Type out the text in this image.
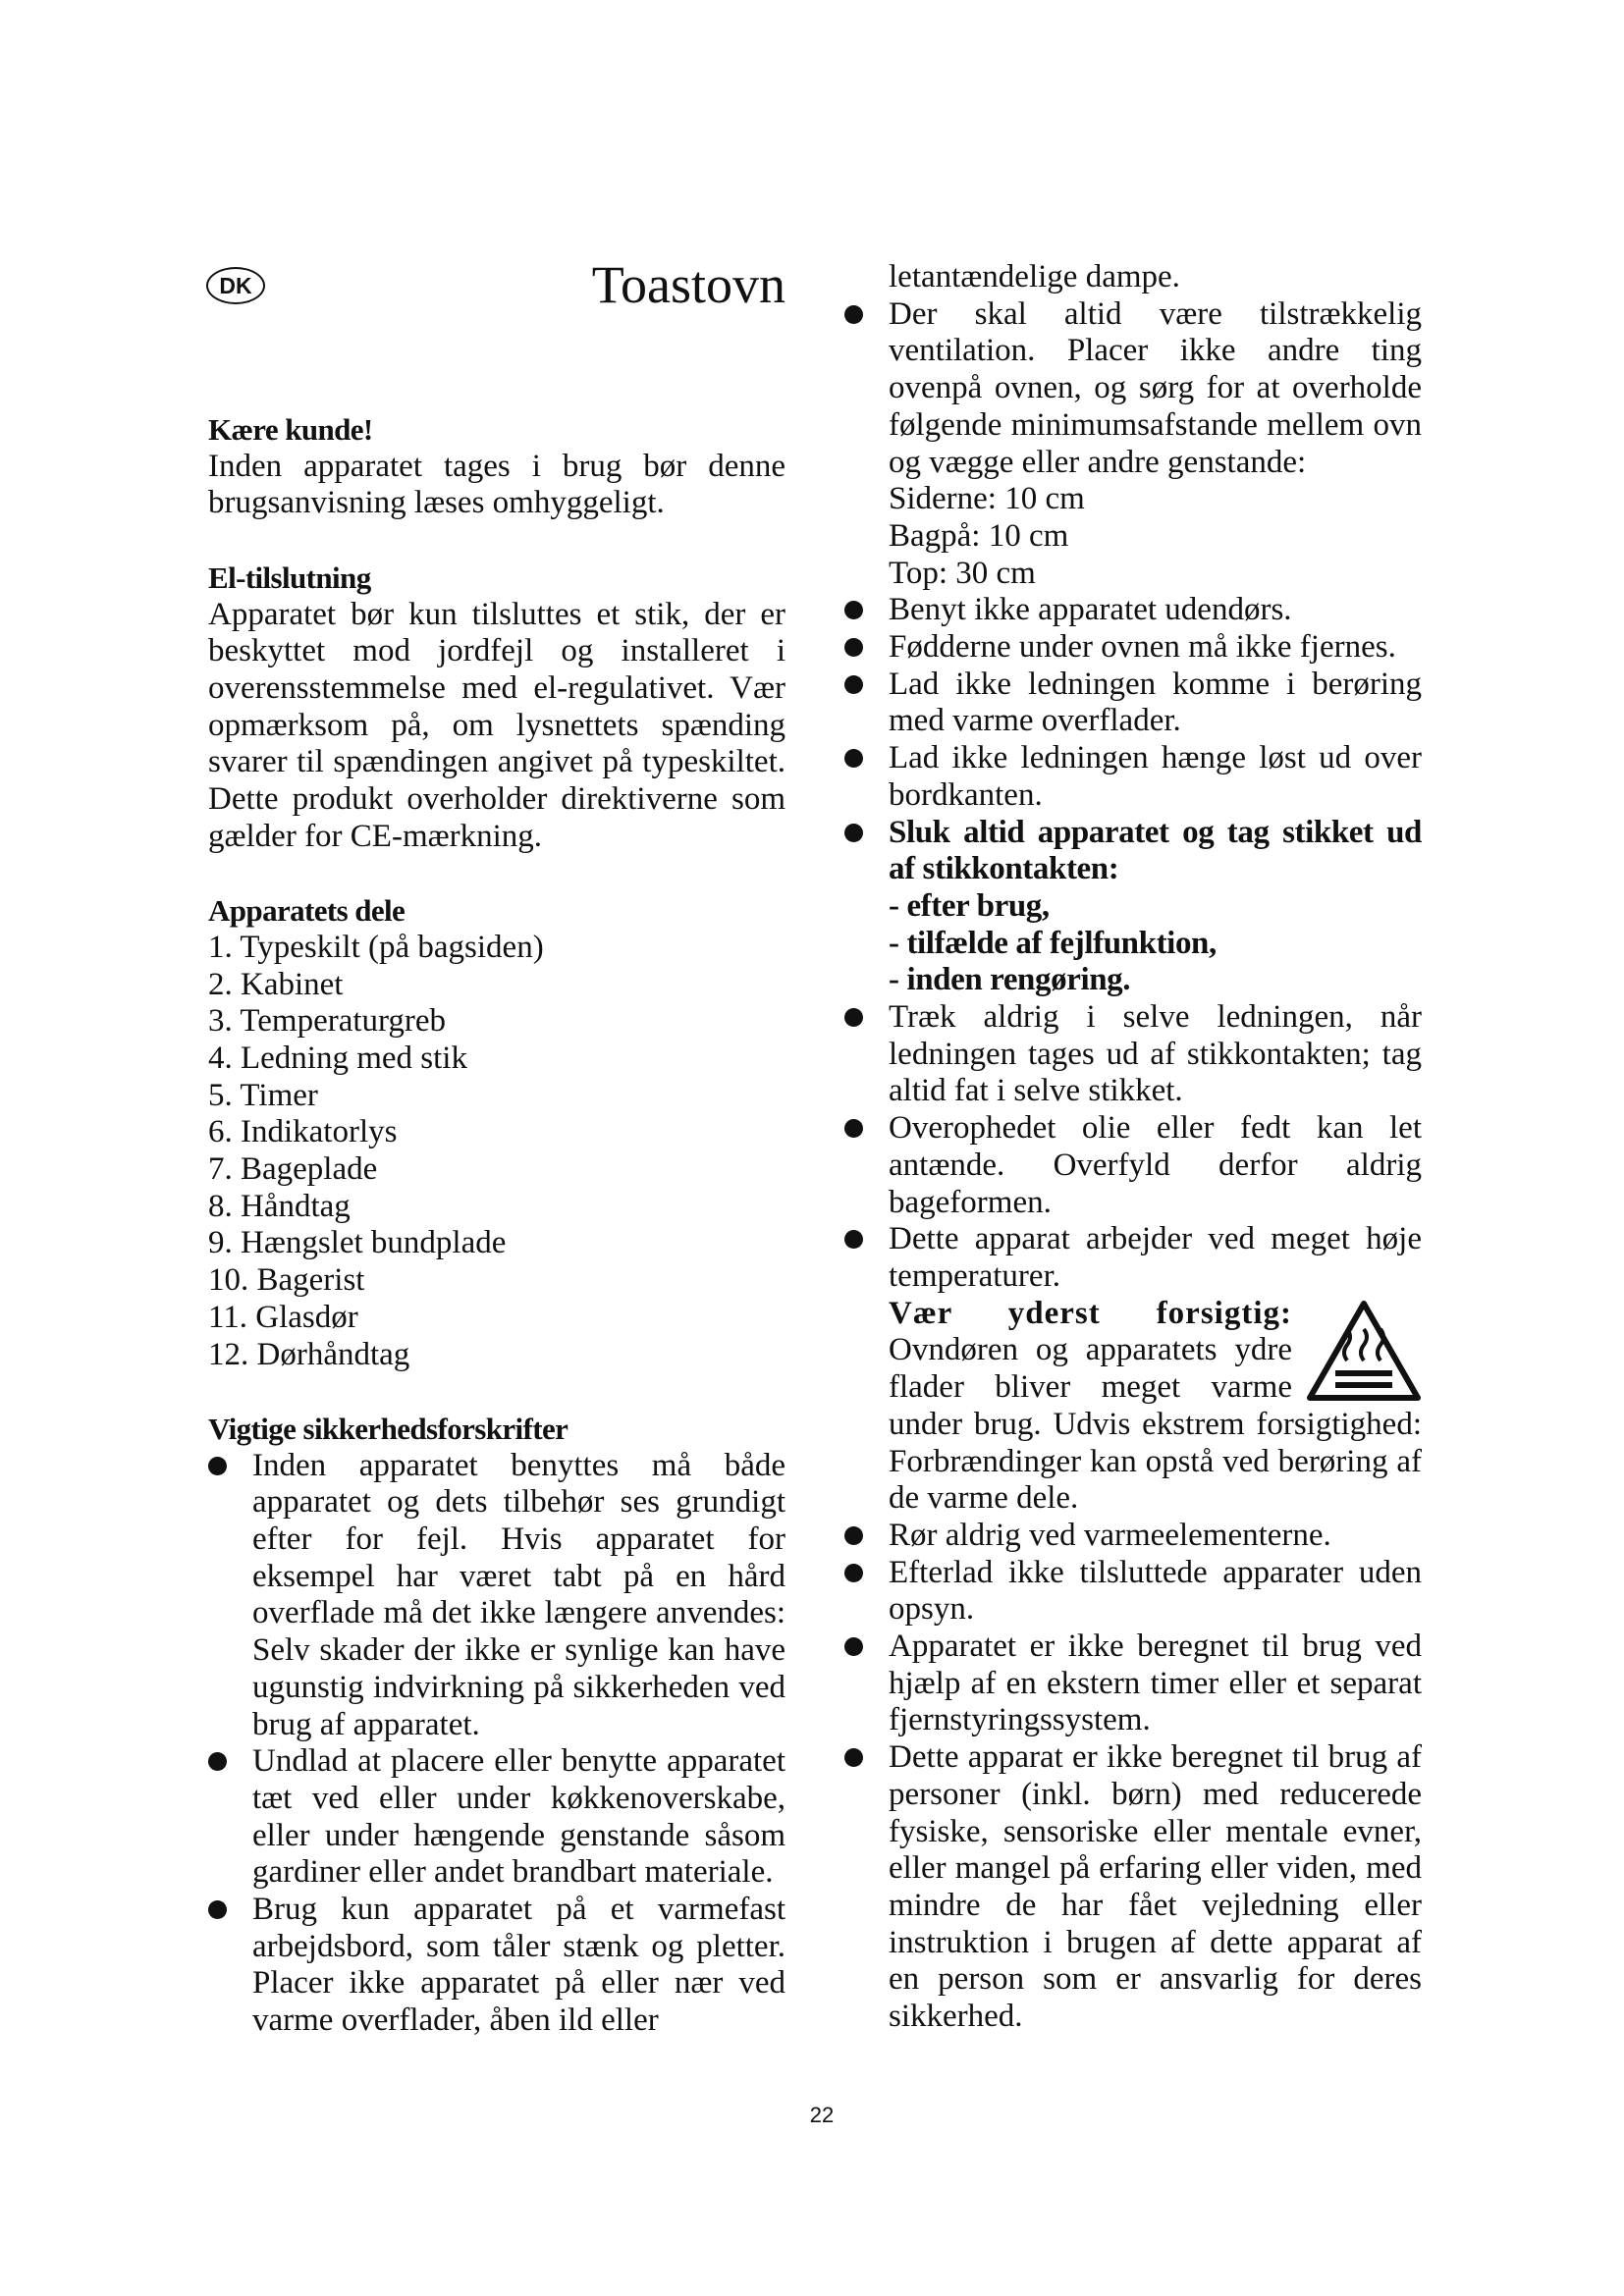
DK	Toastovn

Kære kunde!

Inden apparatet tages i brug bør denne brugsanvisning læses omhyggeligt.

El-tilslutning

Apparatet bør kun tilsluttes et stik, der er beskyttet mod jordfejl og installeret i overensstemmelse med el-regulativet. Vær opmærksom på, om lysnettets spænding svarer til spændingen angivet på typeskiltet. Dette produkt overholder direktiverne som gælder for CE-mærkning.

Apparatets dele

1. Typeskilt (på bagsiden)
2. Kabinet
3. Temperaturgreb
4. Ledning med stik
5. Timer
6. Indikatorlys
7. Bageplade
8. Håndtag
9. Hængslet bundplade
10. Bagerist
11. Glasdør
12. Dørhåndtag

Vigtige sikkerhedsforskrifter

Inden apparatet benyttes må både apparatet og dets tilbehør ses grundigt efter for fejl. Hvis apparatet for eksempel har været tabt på en hård overflade må det ikke længere anvendes: Selv skader der ikke er synlige kan have ugunstig indvirkning på sikkerheden ved brug af apparatet.
Undlad at placere eller benytte apparatet tæt ved eller under køkkenoverskabe, eller under hængende genstande såsom gardiner eller andet brandbart materiale.
Brug kun apparatet på et varmefast arbejdsbord, som tåler stænk og pletter. Placer ikke apparatet på eller nær ved varme overflader, åben ild eller

letantændelige dampe.

Der skal altid være tilstrækkelig ventilation. Placer ikke andre ting ovenpå ovnen, og sørg for at overholde følgende minimumsafstande mellem ovn og vægge eller andre genstande:
Siderne: 10 cm
Bagpå: 10 cm
Top: 30 cm
Benyt ikke apparatet udendørs.
Fødderne under ovnen må ikke fjernes.
Lad ikke ledningen komme i berøring med varme overflader.
Lad ikke ledningen hænge løst ud over bordkanten.
Sluk altid apparatet og tag stikket ud af stikkontakten:
- efter brug,
- tilfælde af fejlfunktion,
- inden rengøring.
Træk aldrig i selve ledningen, når ledningen tages ud af stikkontakten; tag altid fat i selve stikket.
Overophedet olie eller fedt kan let antænde. Overfyld derfor aldrig bageformen.
Dette apparat arbejder ved meget høje temperaturer.
Vær yderst forsigtig: Ovndøren og apparatets ydre flader bliver meget varme under brug. Udvis ekstrem forsigtighed: Forbrændinger kan opstå ved berøring af de varme dele.
Rør aldrig ved varmeelementerne.
Efterlad ikke tilsluttede apparater uden opsyn.
Apparatet er ikke beregnet til brug ved hjælp af en ekstern timer eller et separat fjernstyringssystem.
Dette apparat er ikke beregnet til brug af personer (inkl. børn) med reducerede fysiske, sensoriske eller mentale evner, eller mangel på erfaring eller viden, med mindre de har fået vejledning eller instruktion i brugen af dette apparat af en person som er ansvarlig for deres sikkerhed.
22
